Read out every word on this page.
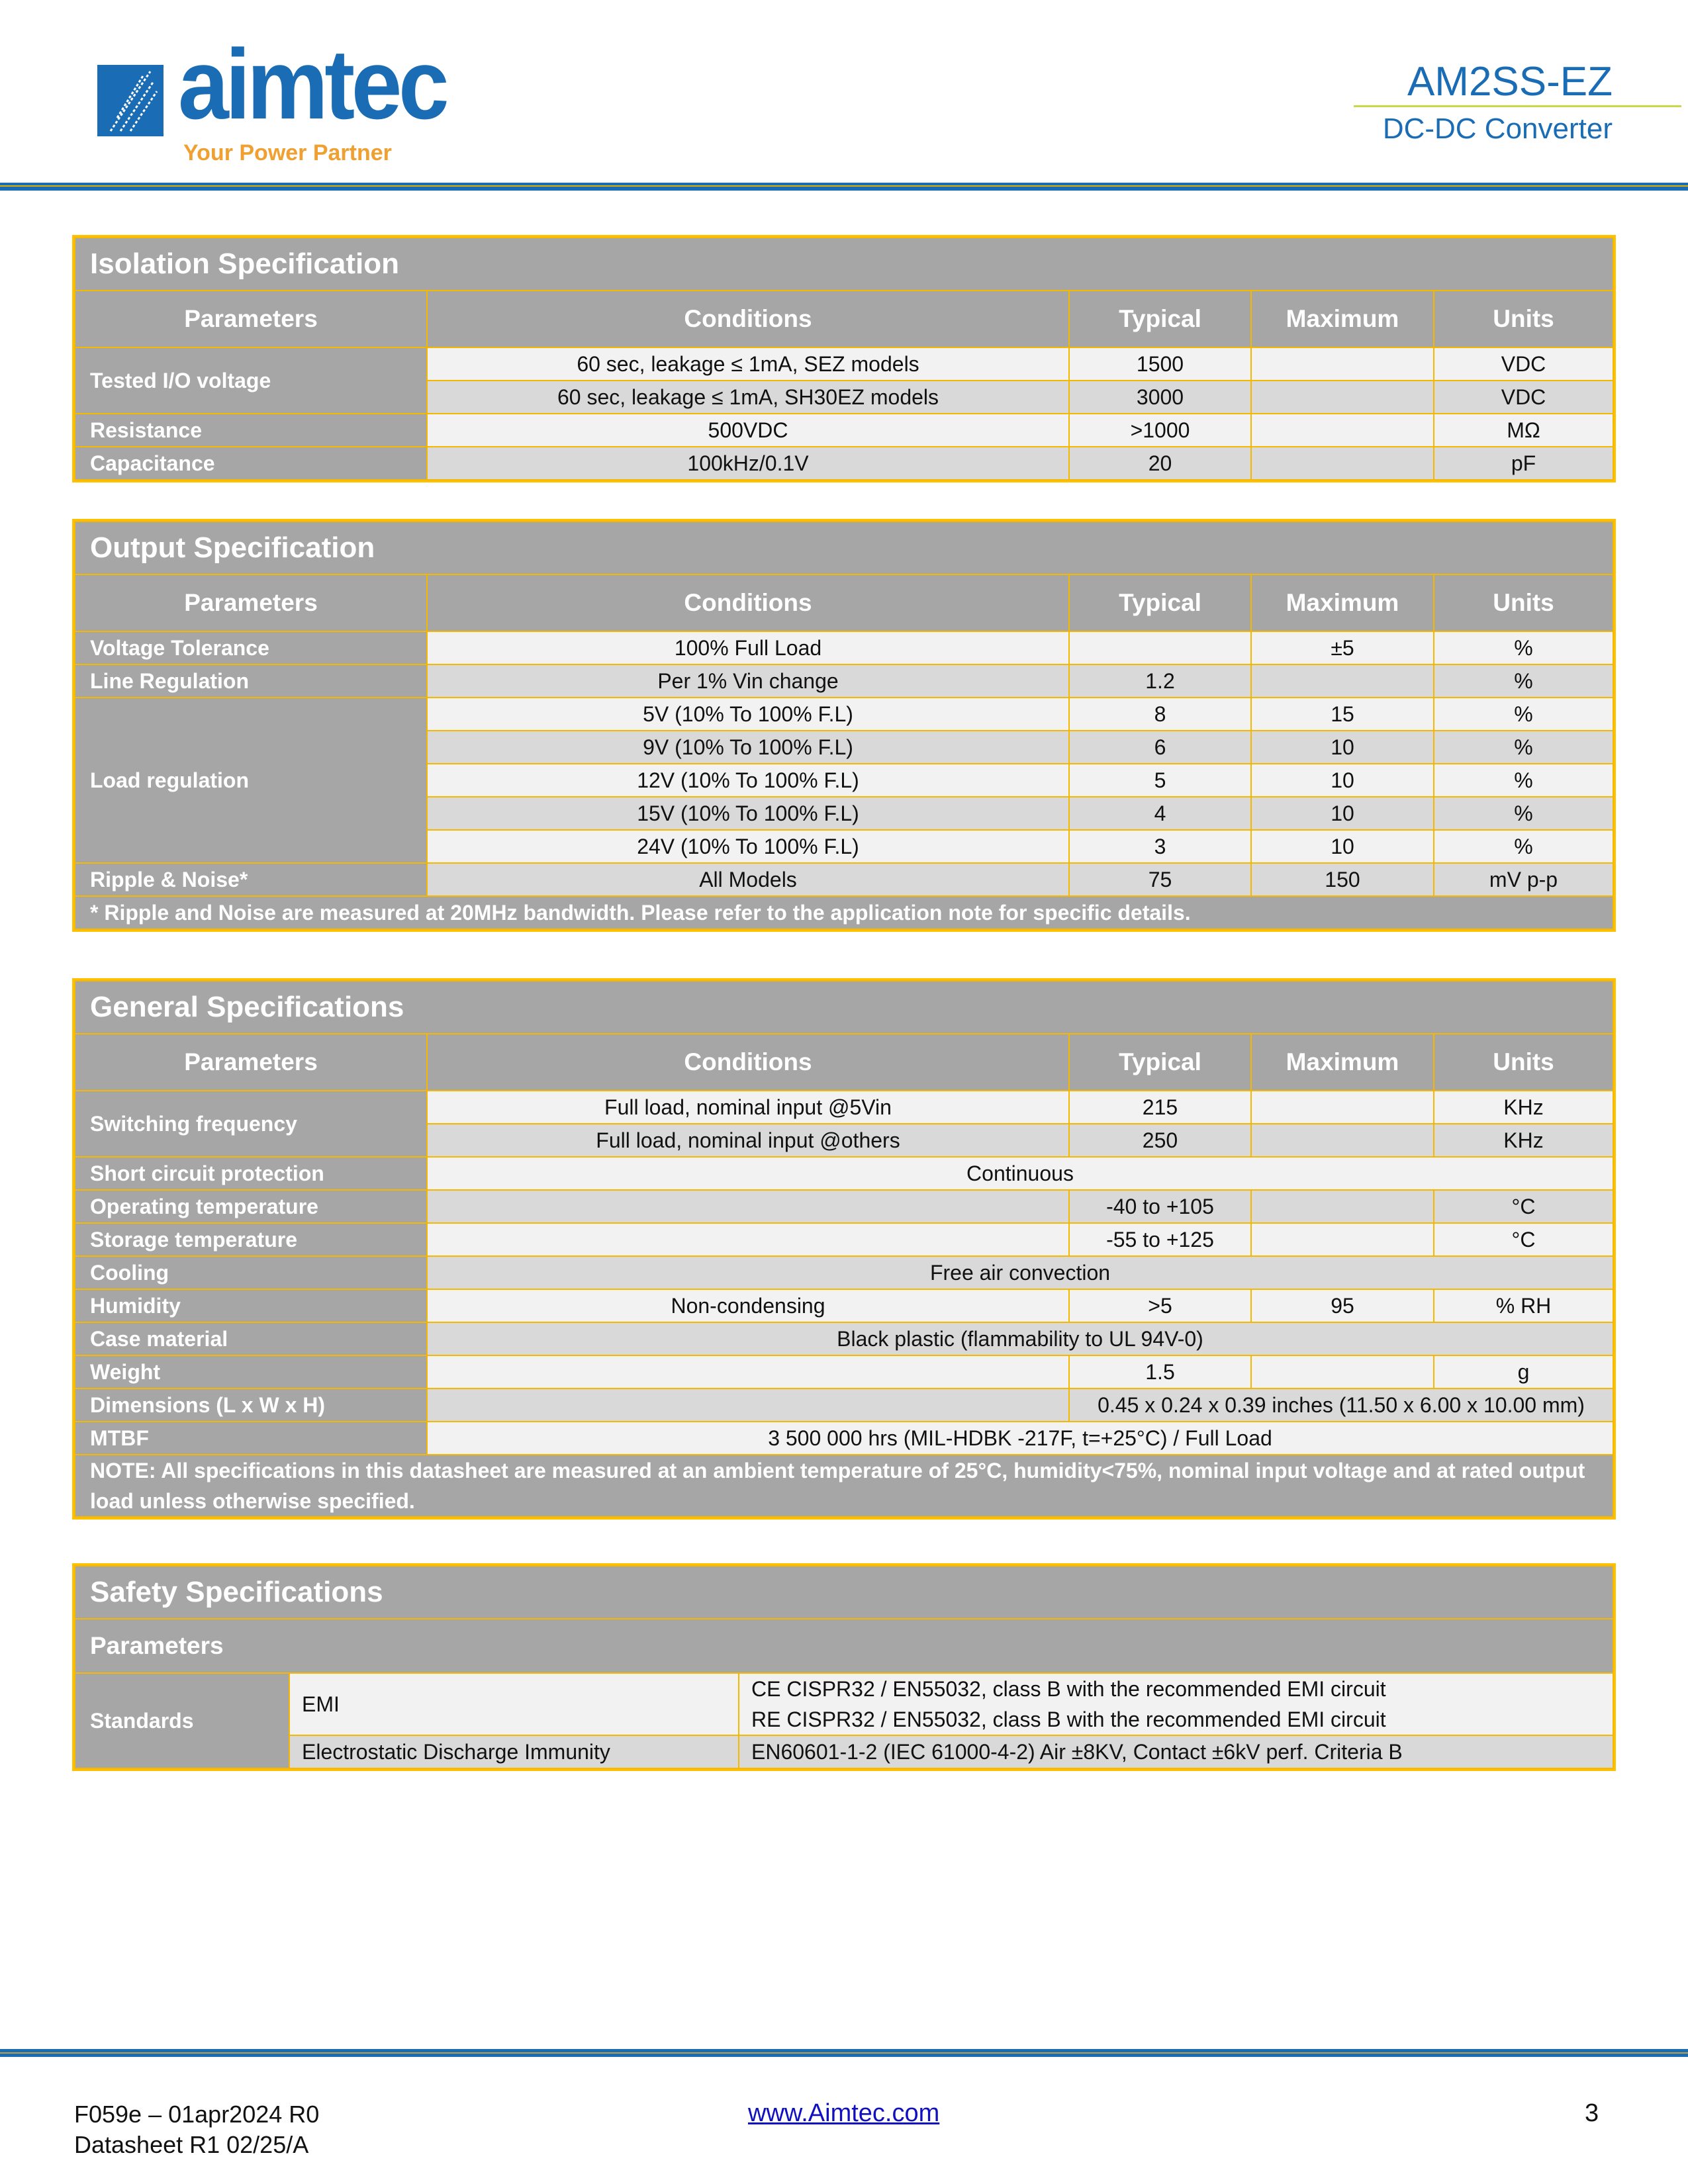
aimtec
Your Power Partner
AM2SS-EZ
DC-DC Converter
Isolation Specification				
Parameters	Conditions	Typical	Maximum	Units
Tested I/O voltage	60 sec, leakage ≤ 1mA, SEZ models	1500		VDC
	60 sec, leakage ≤ 1mA, SH30EZ models	3000		VDC
Resistance	500VDC	>1000		MΩ
Capacitance	100kHz/0.1V	20		pF
Output Specification				
Parameters	Conditions	Typical	Maximum	Units
Voltage Tolerance	100% Full Load		±5	%
Line Regulation	Per 1% Vin change	1.2		%
Load regulation	5V (10% To 100% F.L)	8	15	%
	9V (10% To 100% F.L)	6	10	%
	12V (10% To 100% F.L)	5	10	%
	15V (10% To 100% F.L)	4	10	%
	24V (10% To 100% F.L)	3	10	%
Ripple & Noise*	All Models	75	150	mV p-p
* Ripple and Noise are measured at 20MHz bandwidth. Please refer to the application note for specific details.				
General Specifications				
Parameters	Conditions	Typical	Maximum	Units
Switching frequency	Full load, nominal input @5Vin	215		KHz
	Full load, nominal input @others	250		KHz
Short circuit protection	Continuous			
Operating temperature		-40 to +105		°C
Storage temperature		-55 to +125		°C
Cooling	Free air convection			
Humidity	Non-condensing	>5	95	% RH
Case material	Black plastic (flammability to UL 94V-0)			
Weight		1.5		g
Dimensions (L x W x H)		0.45 x 0.24 x 0.39 inches (11.50 x 6.00 x 10.00 mm)		
MTBF	3 500 000 hrs (MIL-HDBK -217F, t=+25°C) / Full Load			
NOTE: All specifications in this datasheet are measured at an ambient temperature of 25°C, humidity<75%, nominal input voltage and at rated output load unless otherwise specified.				
Safety Specifications		
Parameters		
Standards	EMI	CE CISPR32 / EN55032, class B with the recommended EMI circuit
RE CISPR32 / EN55032, class B with the recommended EMI circuit

	Electrostatic Discharge Immunity	EN60601-1-2 (IEC 61000-4-2) Air ±8KV, Contact ±6kV perf. Criteria B
F059e – 01apr2024 R0
Datasheet R1 02/25/A
www.Aimtec.com	3
